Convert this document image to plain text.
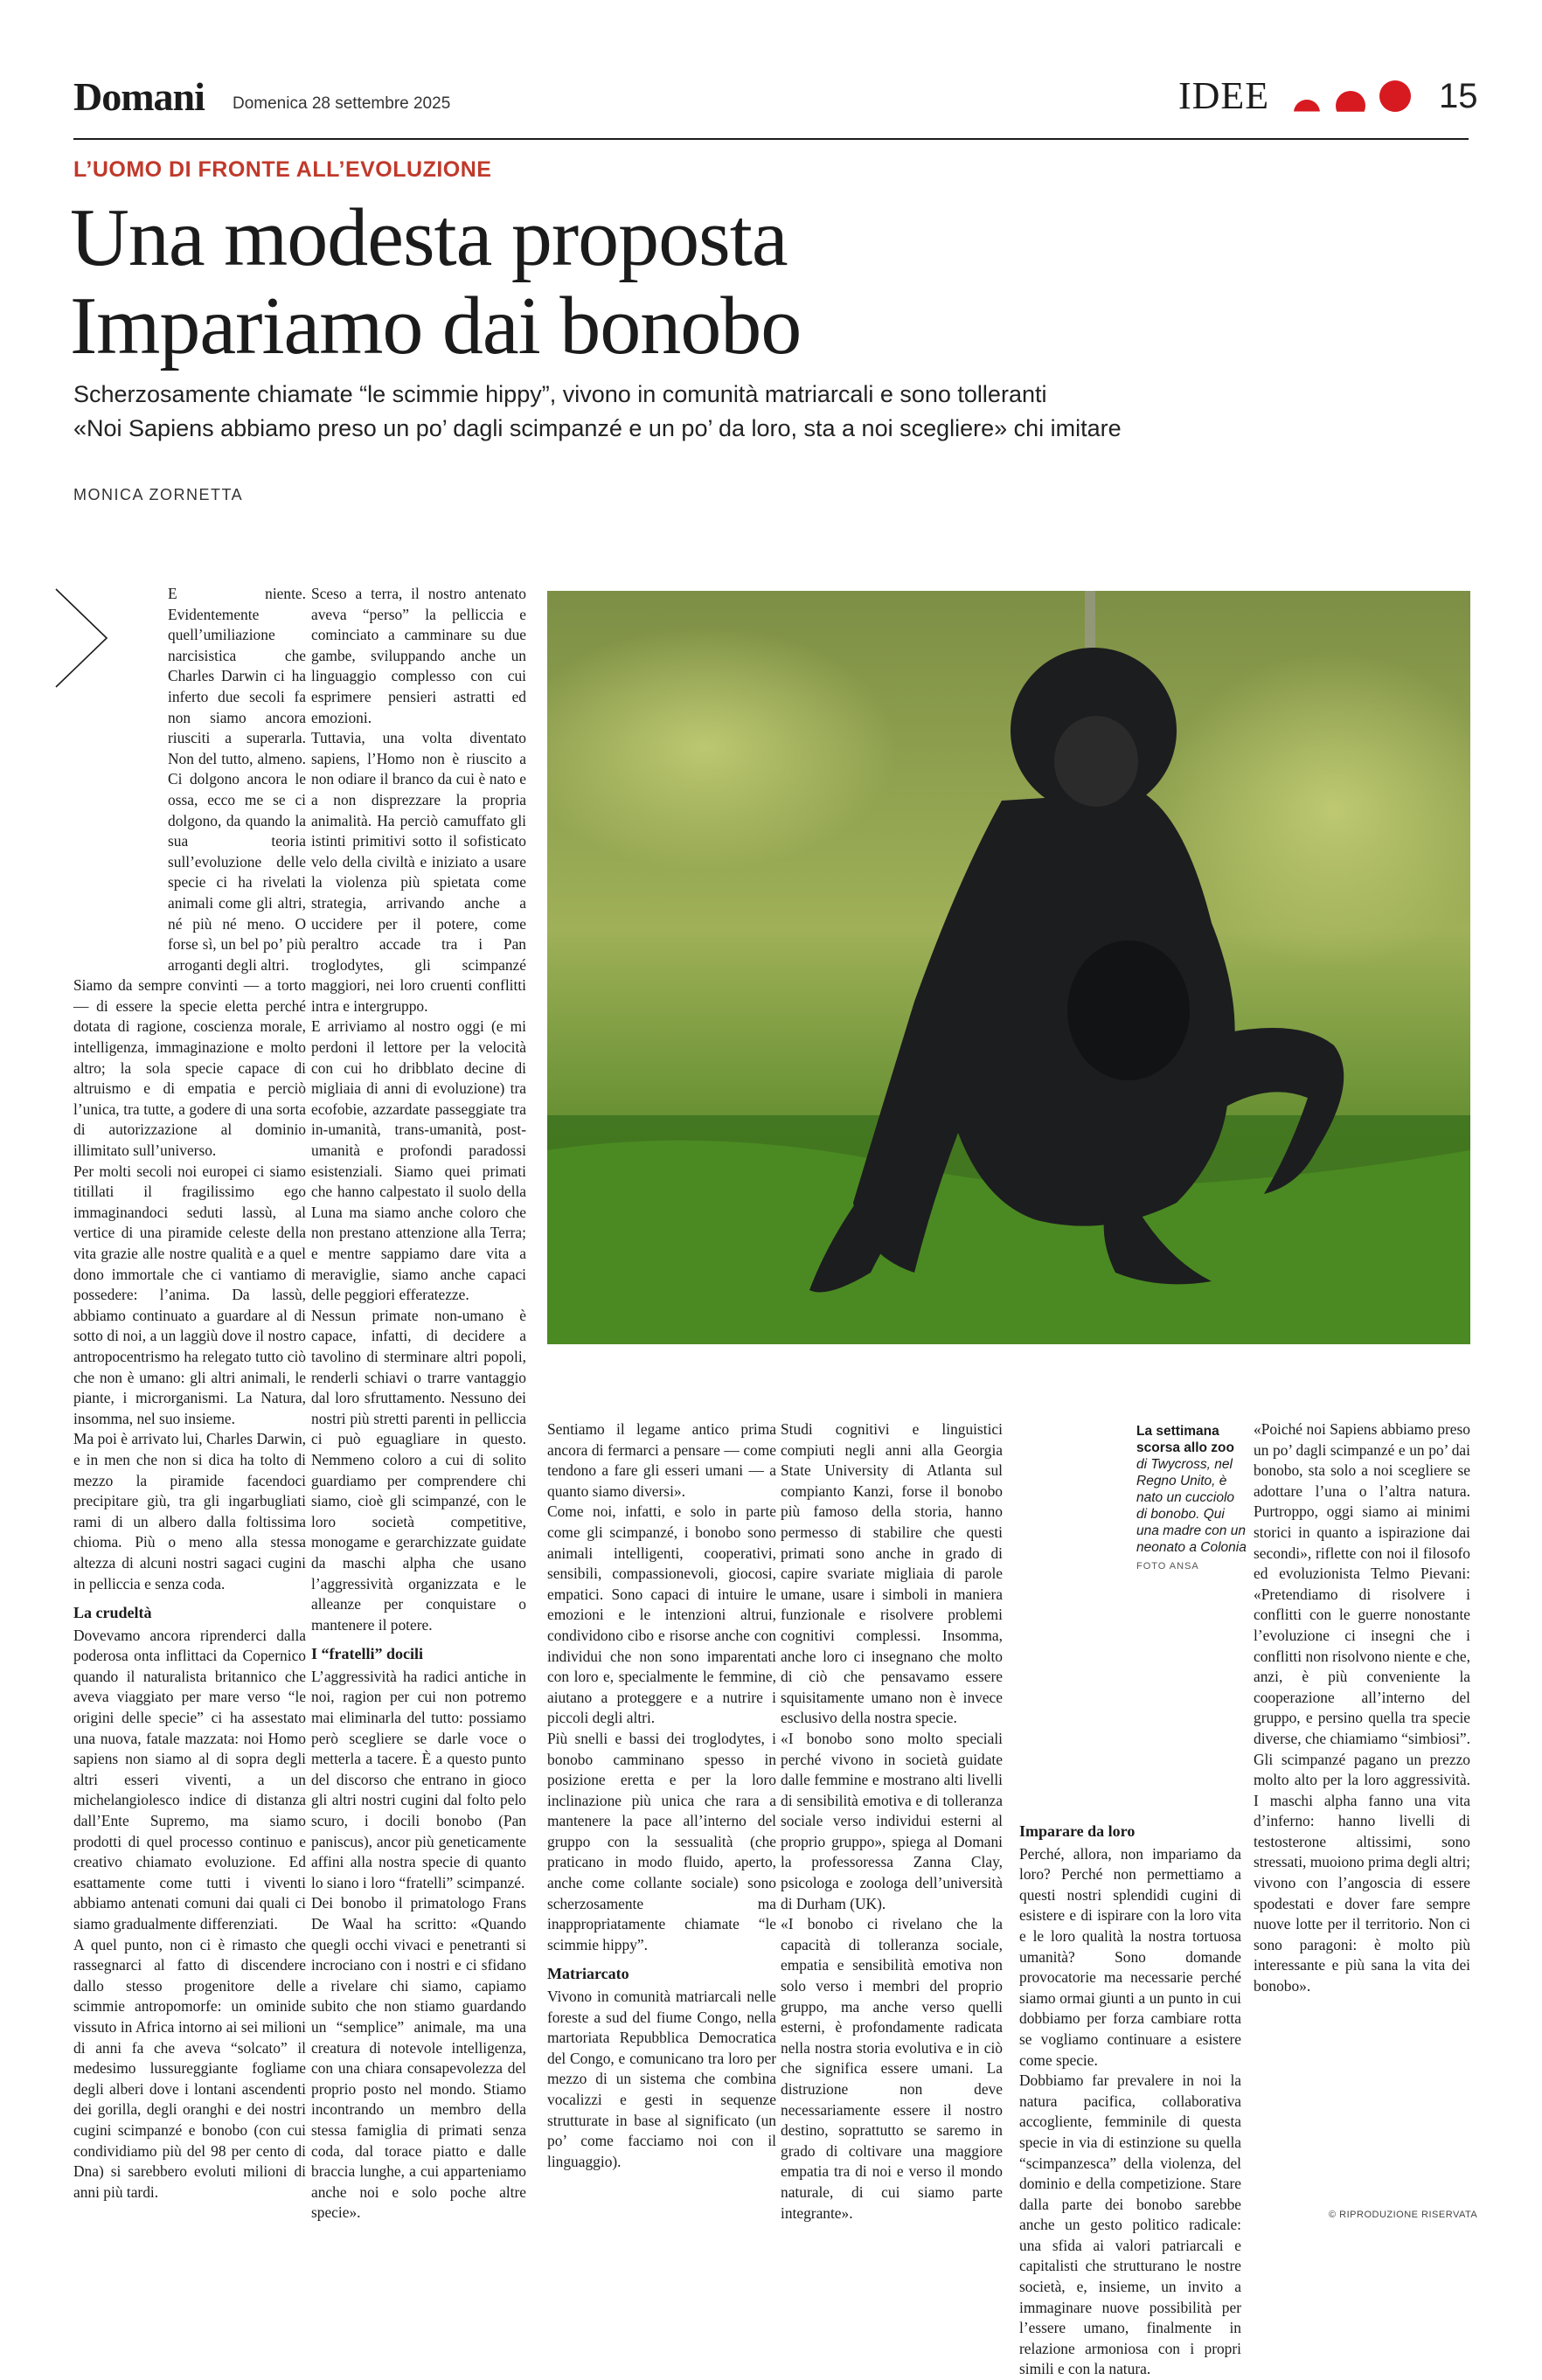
Domani Domenica 28 settembre 2025	IDEE	15
L’UOMO DI FRONTE ALL’EVOLUZIONE
Una modesta proposta
Impariamo dai bonobo
Scherzosamente chiamate “le scimmie hippy”, vivono in comunità matriarcali e sono tolleranti
«Noi Sapiens abbiamo preso un po’ dagli scimpanzé e un po’ da loro, sta a noi scegliere» chi imitare
MONICA ZORNETTA

E niente. Evidentemente quell’umiliazione narcisistica che Charles Darwin ci ha inferto due secoli fa non siamo ancora riusciti a superarla. Non del tutto, almeno. Ci dolgono ancora le ossa, ecco me se ci dolgono, da quando la sua teoria sull’evoluzione delle specie ci ha rivelati animali come gli altri, né più né meno. O forse sì, un bel po’ più arroganti degli altri.

Siamo da sempre convinti — a torto — di essere la specie eletta perché dotata di ragione, coscienza morale, intelligenza, immaginazione e molto altro; la sola specie capace di altruismo e di empatia e perciò l’unica, tra tutte, a godere di una sorta di autorizzazione al dominio illimitato sull’universo.

Per molti secoli noi europei ci siamo titillati il fragilissimo ego immaginandoci seduti lassù, al vertice di una piramide celeste della vita grazie alle nostre qualità e a quel dono immortale che ci vantiamo di possedere: l’anima. Da lassù, abbiamo continuato a guardare al di sotto di noi, a un laggiù dove il nostro antropocentrismo ha relegato tutto ciò che non è umano: gli altri animali, le piante, i microrganismi. La Natura, insomma, nel suo insieme.

Ma poi è arrivato lui, Charles Darwin, e in men che non si dica ha tolto di mezzo la piramide facendoci precipitare giù, tra gli ingarbugliati rami di un albero dalla foltissima chioma. Più o meno alla stessa altezza di alcuni nostri sagaci cugini in pelliccia e senza coda.

La crudeltà

Dovevamo ancora riprenderci dalla poderosa onta inflittaci da Copernico quando il naturalista britannico che aveva viaggiato per mare verso “le origini delle specie” ci ha assestato una nuova, fatale mazzata: noi Homo sapiens non siamo al di sopra degli altri esseri viventi, a un michelangiolesco indice di distanza dall’Ente Supremo, ma siamo prodotti di quel processo continuo e creativo chiamato evoluzione. Ed esattamente come tutti i viventi abbiamo antenati comuni dai quali ci siamo gradualmente differenziati.

A quel punto, non ci è rimasto che rassegnarci al fatto di discendere dallo stesso progenitore delle scimmie antropomorfe: un ominide vissuto in Africa intorno ai sei milioni di anni fa che aveva “solcato” il medesimo lussureggiante fogliame degli alberi dove i lontani ascendenti dei gorilla, degli oranghi e dei nostri cugini scimpanzé e bonobo (con cui condividiamo più del 98 per cento di Dna) si sarebbero evoluti milioni di anni più tardi.

Sceso a terra, il nostro antenato aveva “perso” la pelliccia e cominciato a camminare su due gambe, sviluppando anche un linguaggio complesso con cui esprimere pensieri astratti ed emozioni.

Tuttavia, una volta diventato sapiens, l’Homo non è riuscito a non odiare il branco da cui è nato e a non disprezzare la propria animalità. Ha perciò camuffato gli istinti primitivi sotto il sofisticato velo della civiltà e iniziato a usare la violenza più spietata come strategia, arrivando anche a uccidere per il potere, come peraltro accade tra i Pan troglodytes, gli scimpanzé maggiori, nei loro cruenti conflitti intra e intergruppo.

E arriviamo al nostro oggi (e mi perdoni il lettore per la velocità con cui ho dribblato decine di migliaia di anni di evoluzione) tra ecofobie, azzardate passeggiate tra in-umanità, trans-umanità, post-umanità e profondi paradossi esistenziali. Siamo quei primati che hanno calpestato il suolo della Luna ma siamo anche coloro che non prestano attenzione alla Terra; e mentre sappiamo dare vita a meraviglie, siamo anche capaci delle peggiori efferatezze.

Nessun primate non-umano è capace, infatti, di decidere a tavolino di sterminare altri popoli, renderli schiavi o trarre vantaggio dal loro sfruttamento. Nessuno dei nostri più stretti parenti in pelliccia ci può eguagliare in questo. Nemmeno coloro a cui di solito guardiamo per comprendere chi siamo, cioè gli scimpanzé, con le loro società competitive, monogame e gerarchizzate guidate da maschi alpha che usano l’aggressività organizzata e le alleanze per conquistare o mantenere il potere.

I “fratelli” docili

L’aggressività ha radici antiche in noi, ragion per cui non potremo mai eliminarla del tutto: possiamo però scegliere se darle voce o metterla a tacere. È a questo punto del discorso che entrano in gioco gli altri nostri cugini dal folto pelo scuro, i docili bonobo (Pan paniscus), ancor più geneticamente affini alla nostra specie di quanto lo siano i loro “fratelli” scimpanzé.

Dei bonobo il primatologo Frans De Waal ha scritto: «Quando quegli occhi vivaci e penetranti si incrociano con i nostri e ci sfidano a rivelare chi siamo, capiamo subito che non stiamo guardando un “semplice” animale, ma una creatura di notevole intelligenza, con una chiara consapevolezza del proprio posto nel mondo. Stiamo incontrando un membro della stessa famiglia di primati senza coda, dal torace piatto e dalle braccia lunghe, a cui apparteniamo anche noi e solo poche altre specie».

Sentiamo il legame antico prima ancora di fermarci a pensare — come tendono a fare gli esseri umani — a quanto siamo diversi».

Come noi, infatti, e solo in parte come gli scimpanzé, i bonobo sono animali intelligenti, cooperativi, sensibili, compassionevoli, giocosi, empatici. Sono capaci di intuire le emozioni e le intenzioni altrui, condividono cibo e risorse anche con individui che non sono imparentati con loro e, specialmente le femmine, aiutano a proteggere e a nutrire i piccoli degli altri.

Più snelli e bassi dei troglodytes, i bonobo camminano spesso in posizione eretta e per la loro inclinazione più unica che rara a mantenere la pace all’interno del gruppo con la sessualità (che praticano in modo fluido, aperto, anche come collante sociale) sono scherzosamente ma inappropriatamente chiamate “le scimmie hippy”.

Matriarcato

Vivono in comunità matriarcali nelle foreste a sud del fiume Congo, nella martoriata Repubblica Democratica del Congo, e comunicano tra loro per mezzo di un sistema che combina vocalizzi e gesti in sequenze strutturate in base al significato (un po’ come facciamo noi con il linguaggio).

Studi cognitivi e linguistici compiuti negli anni alla Georgia State University di Atlanta sul compianto Kanzi, forse il bonobo più famoso della storia, hanno permesso di stabilire che questi primati sono anche in grado di capire svariate migliaia di parole umane, usare i simboli in maniera funzionale e risolvere problemi cognitivi complessi. Insomma, anche loro ci insegnano che molto di ciò che pensavamo essere squisitamente umano non è invece esclusivo della nostra specie.

«I bonobo sono molto speciali perché vivono in società guidate dalle femmine e mostrano alti livelli di sensibilità emotiva e di tolleranza sociale verso individui esterni al proprio gruppo», spiega al Domani la professoressa Zanna Clay, psicologa e zoologa dell’università di Durham (UK).

«I bonobo ci rivelano che la capacità di tolleranza sociale, empatia e sensibilità emotiva non solo verso i membri del proprio gruppo, ma anche verso quelli esterni, è profondamente radicata nella nostra storia evolutiva e in ciò che significa essere umani. La distruzione non deve necessariamente essere il nostro destino, soprattutto se saremo in grado di coltivare una maggiore empatia tra di noi e verso il mondo naturale, di cui siamo parte integrante».

La settimana scorsa allo zoo
di Twycross, nel Regno Unito, è nato un cucciolo di bonobo. Qui una madre con un neonato a Colonia
FOTO ANSA
Imparare da loro

Perché, allora, non impariamo da loro? Perché non permettiamo a questi nostri splendidi cugini di esistere e di ispirare con la loro vita e le loro qualità la nostra tortuosa umanità? Sono domande provocatorie ma necessarie perché siamo ormai giunti a un punto in cui dobbiamo per forza cambiare rotta se vogliamo continuare a esistere come specie.

Dobbiamo far prevalere in noi la natura pacifica, collaborativa accogliente, femminile di questa specie in via di estinzione su quella “scimpanzesca” della violenza, del dominio e della competizione. Stare dalla parte dei bonobo sarebbe anche un gesto politico radicale: una sfida ai valori patriarcali e capitalisti che strutturano le nostre società, e, insieme, un invito a immaginare nuove possibilità per l’essere umano, finalmente in relazione armoniosa con i propri simili e con la natura.

«Poiché noi Sapiens abbiamo preso un po’ dagli scimpanzé e un po’ dai bonobo, sta solo a noi scegliere se adottare l’una o l’altra natura. Purtroppo, oggi siamo ai minimi storici in quanto a ispirazione dai secondi», riflette con noi il filosofo ed evoluzionista Telmo Pievani: «Pretendiamo di risolvere i conflitti con le guerre nonostante l’evoluzione ci insegni che i conflitti non risolvono niente e che, anzi, è più conveniente la cooperazione all’interno del gruppo, e persino quella tra specie diverse, che chiamiamo “simbiosi”. Gli scimpanzé pagano un prezzo molto alto per la loro aggressività. I maschi alpha fanno una vita d’inferno: hanno livelli di testosterone altissimi, sono stressati, muoiono prima degli altri; vivono con l’angoscia di essere spodestati e dover fare sempre nuove lotte per il territorio. Non ci sono paragoni: è molto più interessante e più sana la vita dei bonobo».

© RIPRODUZIONE RISERVATA
